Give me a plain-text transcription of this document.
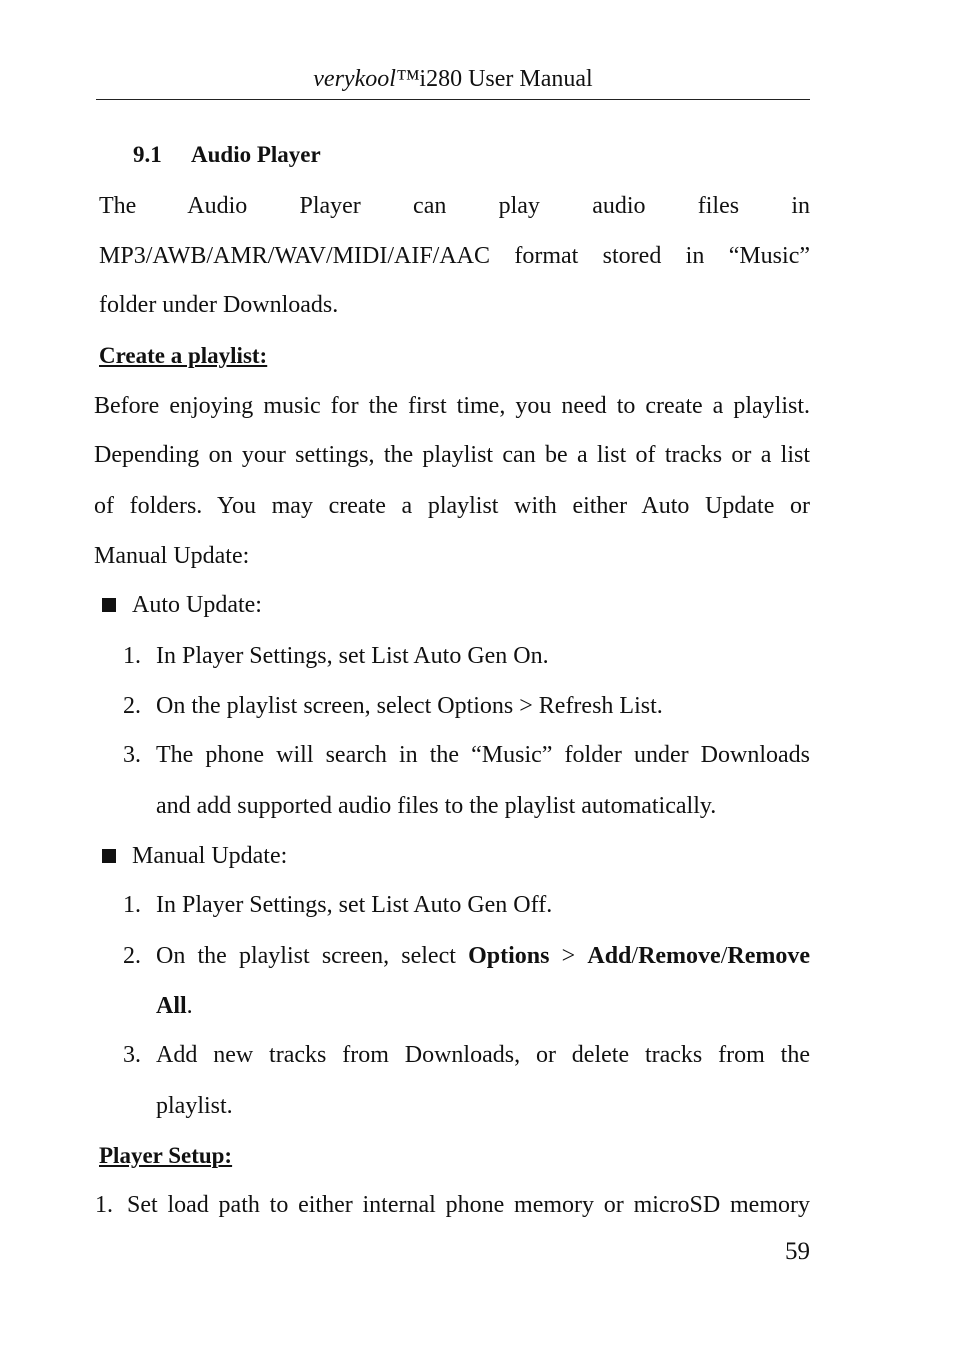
verykool™i280 User Manual
9.1 Audio Player
The Audio Player can play audio files in
MP3/AWB/AMR/WAV/MIDI/AIF/AAC format stored in “Music”
folder under Downloads.
Create a playlist:
Before enjoying music for the first time, you need to create a playlist.
Depending on your settings, the playlist can be a list of tracks or a list
of folders. You may create a playlist with either Auto Update or
Manual Update:
Auto Update:
1. In Player Settings, set List Auto Gen On.
2. On the playlist screen, select Options > Refresh List.
3. The phone will search in the “Music” folder under Downloads
and add supported audio files to the playlist automatically.
Manual Update:
1. In Player Settings, set List Auto Gen Off.
2. On the playlist screen, select Options > Add/Remove/Remove
All.
3. Add new tracks from Downloads, or delete tracks from the
playlist.
Player Setup:
1. Set load path to either internal phone memory or microSD memory
59
